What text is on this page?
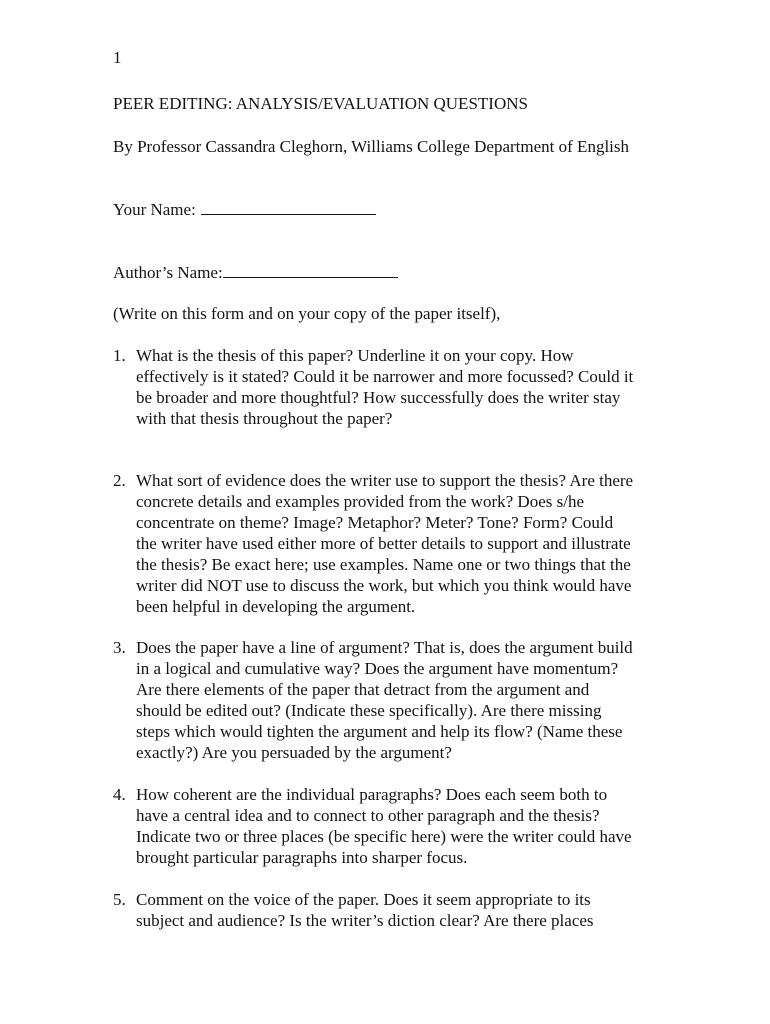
1
PEER EDITING: ANALYSIS/EVALUATION QUESTIONS
By Professor Cassandra Cleghorn, Williams College Department of English
Your Name:
Author’s Name:
(Write on this form and on your copy of the paper itself),
1. What is the thesis of this paper? Underline it on your copy. How
effectively is it stated? Could it be narrower and more focussed? Could it
be broader and more thoughtful? How successfully does the writer stay
with that thesis throughout the paper?
2. What sort of evidence does the writer use to support the thesis? Are there
concrete details and examples provided from the work? Does s/he
concentrate on theme? Image? Metaphor? Meter? Tone? Form? Could
the writer have used either more of better details to support and illustrate
the thesis? Be exact here; use examples. Name one or two things that the
writer did NOT use to discuss the work, but which you think would have
been helpful in developing the argument.
3. Does the paper have a line of argument? That is, does the argument build
in a logical and cumulative way? Does the argument have momentum?
Are there elements of the paper that detract from the argument and
should be edited out? (Indicate these specifically). Are there missing
steps which would tighten the argument and help its flow? (Name these
exactly?) Are you persuaded by the argument?
4. How coherent are the individual paragraphs? Does each seem both to
have a central idea and to connect to other paragraph and the thesis?
Indicate two or three places (be specific here) were the writer could have
brought particular paragraphs into sharper focus.
5. Comment on the voice of the paper. Does it seem appropriate to its
subject and audience? Is the writer’s diction clear? Are there places
